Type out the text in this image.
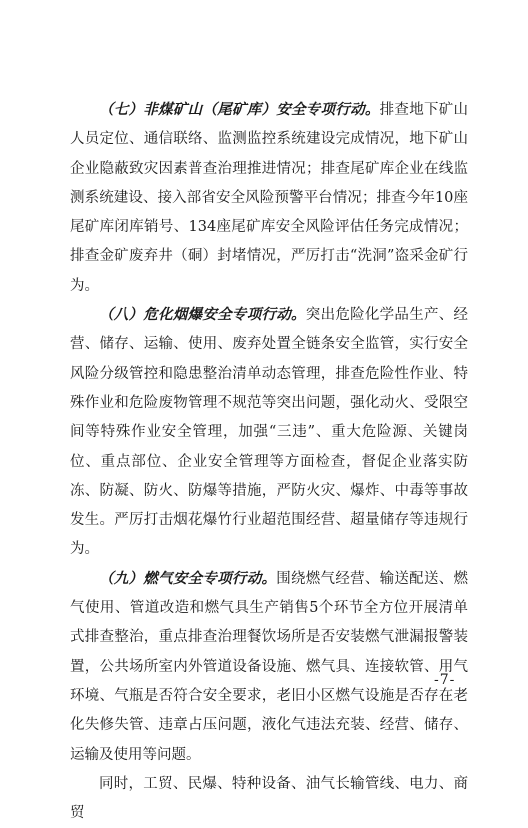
（七）非煤矿山（尾矿库）安全专项行动。排查地下矿山人员定位、通信联络、监测监控系统建设完成情况，地下矿山企业隐蔽致灾因素普查治理推进情况；排查尾矿库企业在线监测系统建设、接入部省安全风险预警平台情况；排查今年10座尾矿库闭库销号、134座尾矿库安全风险评估任务完成情况；排查金矿废弃井（硐）封堵情况，严厉打击“洗洞”盗采金矿行为。

（八）危化烟爆安全专项行动。突出危险化学品生产、经营、储存、运输、使用、废弃处置全链条安全监管，实行安全风险分级管控和隐患整治清单动态管理，排查危险性作业、特殊作业和危险废物管理不规范等突出问题，强化动火、受限空间等特殊作业安全管理，加强“三违”、重大危险源、关键岗位、重点部位、企业安全管理等方面检查，督促企业落实防冻、防凝、防火、防爆等措施，严防火灾、爆炸、中毒等事故发生。严厉打击烟花爆竹行业超范围经营、超量储存等违规行为。

（九）燃气安全专项行动。围绕燃气经营、输送配送、燃气使用、管道改造和燃气具生产销售5个环节全方位开展清单式排查整治，重点排查治理餐饮场所是否安装燃气泄漏报警装置，公共场所室内外管道设备设施、燃气具、连接软管、用气环境、气瓶是否符合安全要求，老旧小区燃气设施是否存在老化失修失管、违章占压问题，液化气违法充装、经营、储存、运输及使用等问题。

同时，工贸、民爆、特种设备、油气长输管线、电力、商贸

-7-
